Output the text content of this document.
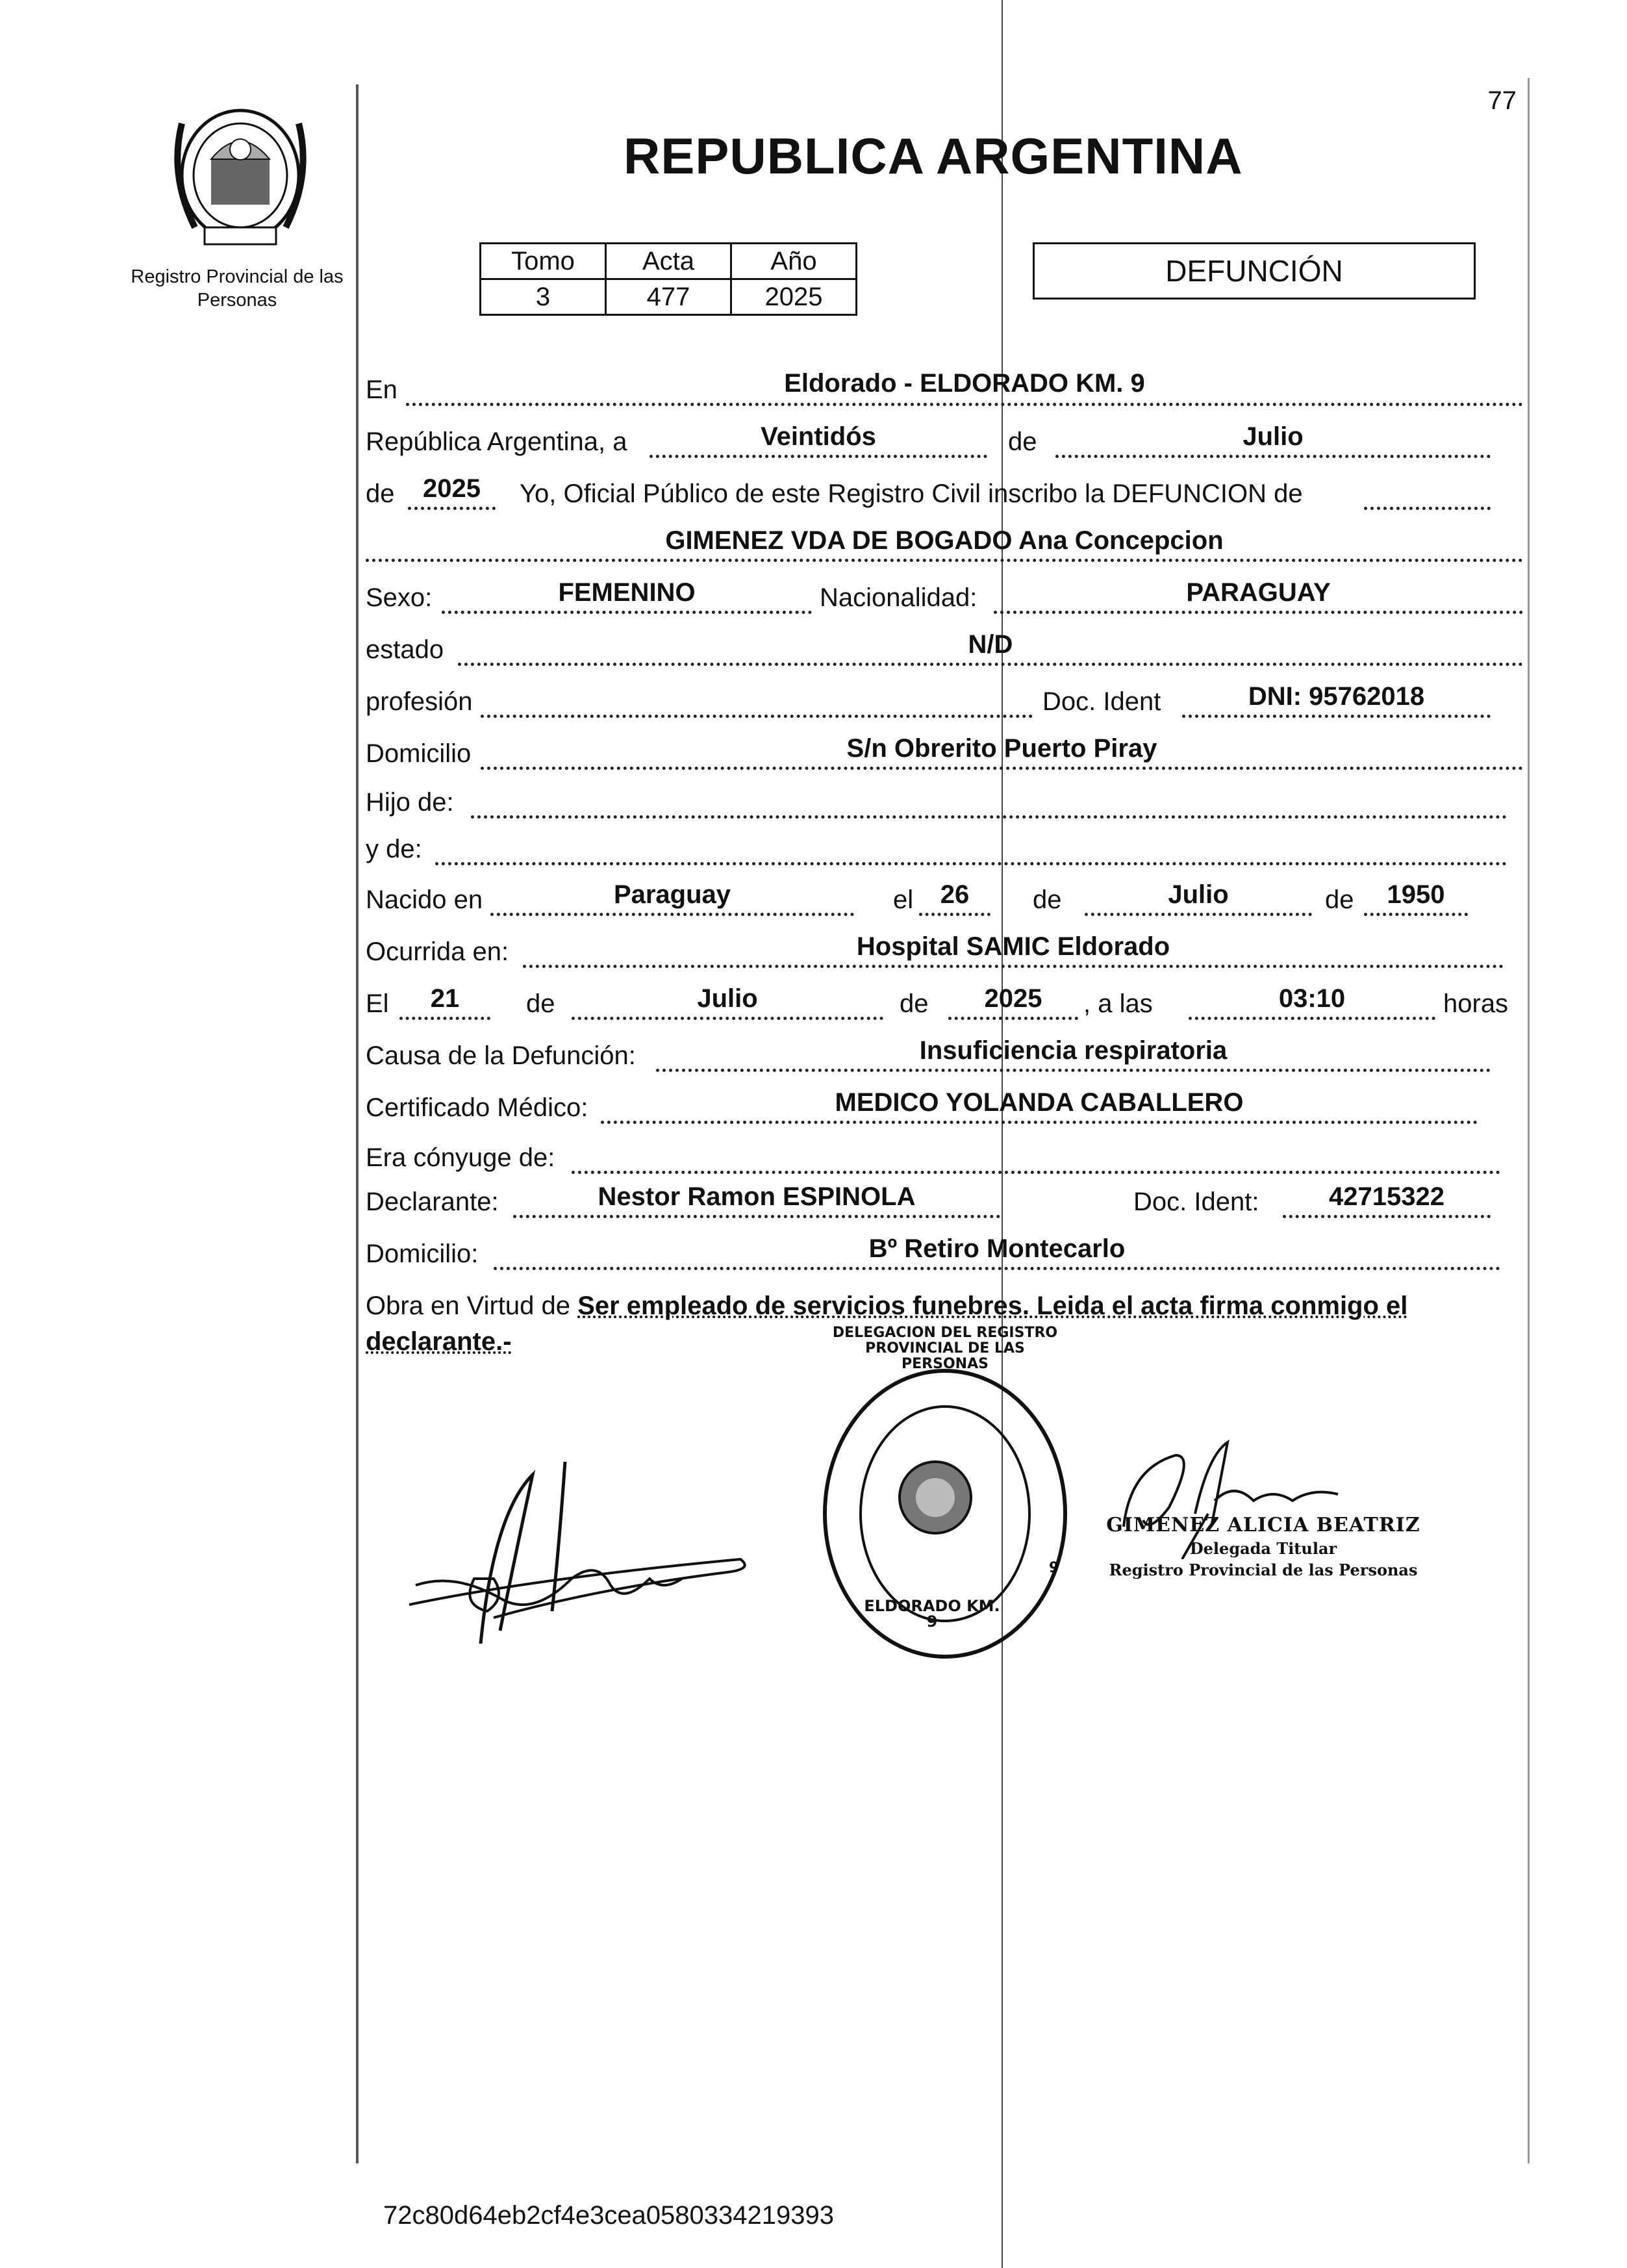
Registro Provincial de las Personas
77
REPUBLICA ARGENTINA
Tomo	Acta	Año
3	477	2025
DEFUNCIÓN
En	Eldorado - ELDORADO KM. 9
República Argentina, a	Veintidós	de	Julio
de	2025	Yo, Oficial Público de este Registro Civil inscribo la DEFUNCION de
GIMENEZ VDA DE BOGADO Ana Concepcion
Sexo:	FEMENINO	Nacionalidad:	PARAGUAY
estado	N/D
profesión	Doc. Ident	DNI: 95762018
Domicilio	S/n Obrerito Puerto Piray
Hijo de:
y de:
Nacido en	Paraguay	el	26	de	Julio	de	1950
Ocurrida en:	Hospital SAMIC Eldorado
El	21	de	Julio	de	2025	, a las	03:10	horas
Causa de la Defunción:	Insuficiencia respiratoria
Certificado Médico:	MEDICO YOLANDA CABALLERO
Era cónyuge de:
Declarante:	Nestor Ramon ESPINOLA	Doc. Ident:	42715322
Domicilio:	Bº Retiro Montecarlo
Obra en Virtud de Ser empleado de servicios funebres. Leida el acta firma conmigo el
declarante.-
9
DELEGACION DEL REGISTRO PROVINCIAL DE LAS PERSONAS
ELDORADO KM. 9
GIMENEZ ALICIA BEATRIZ
Delegada Titular
Registro Provincial de las Personas
72c80d64eb2cf4e3cea0580334219393
